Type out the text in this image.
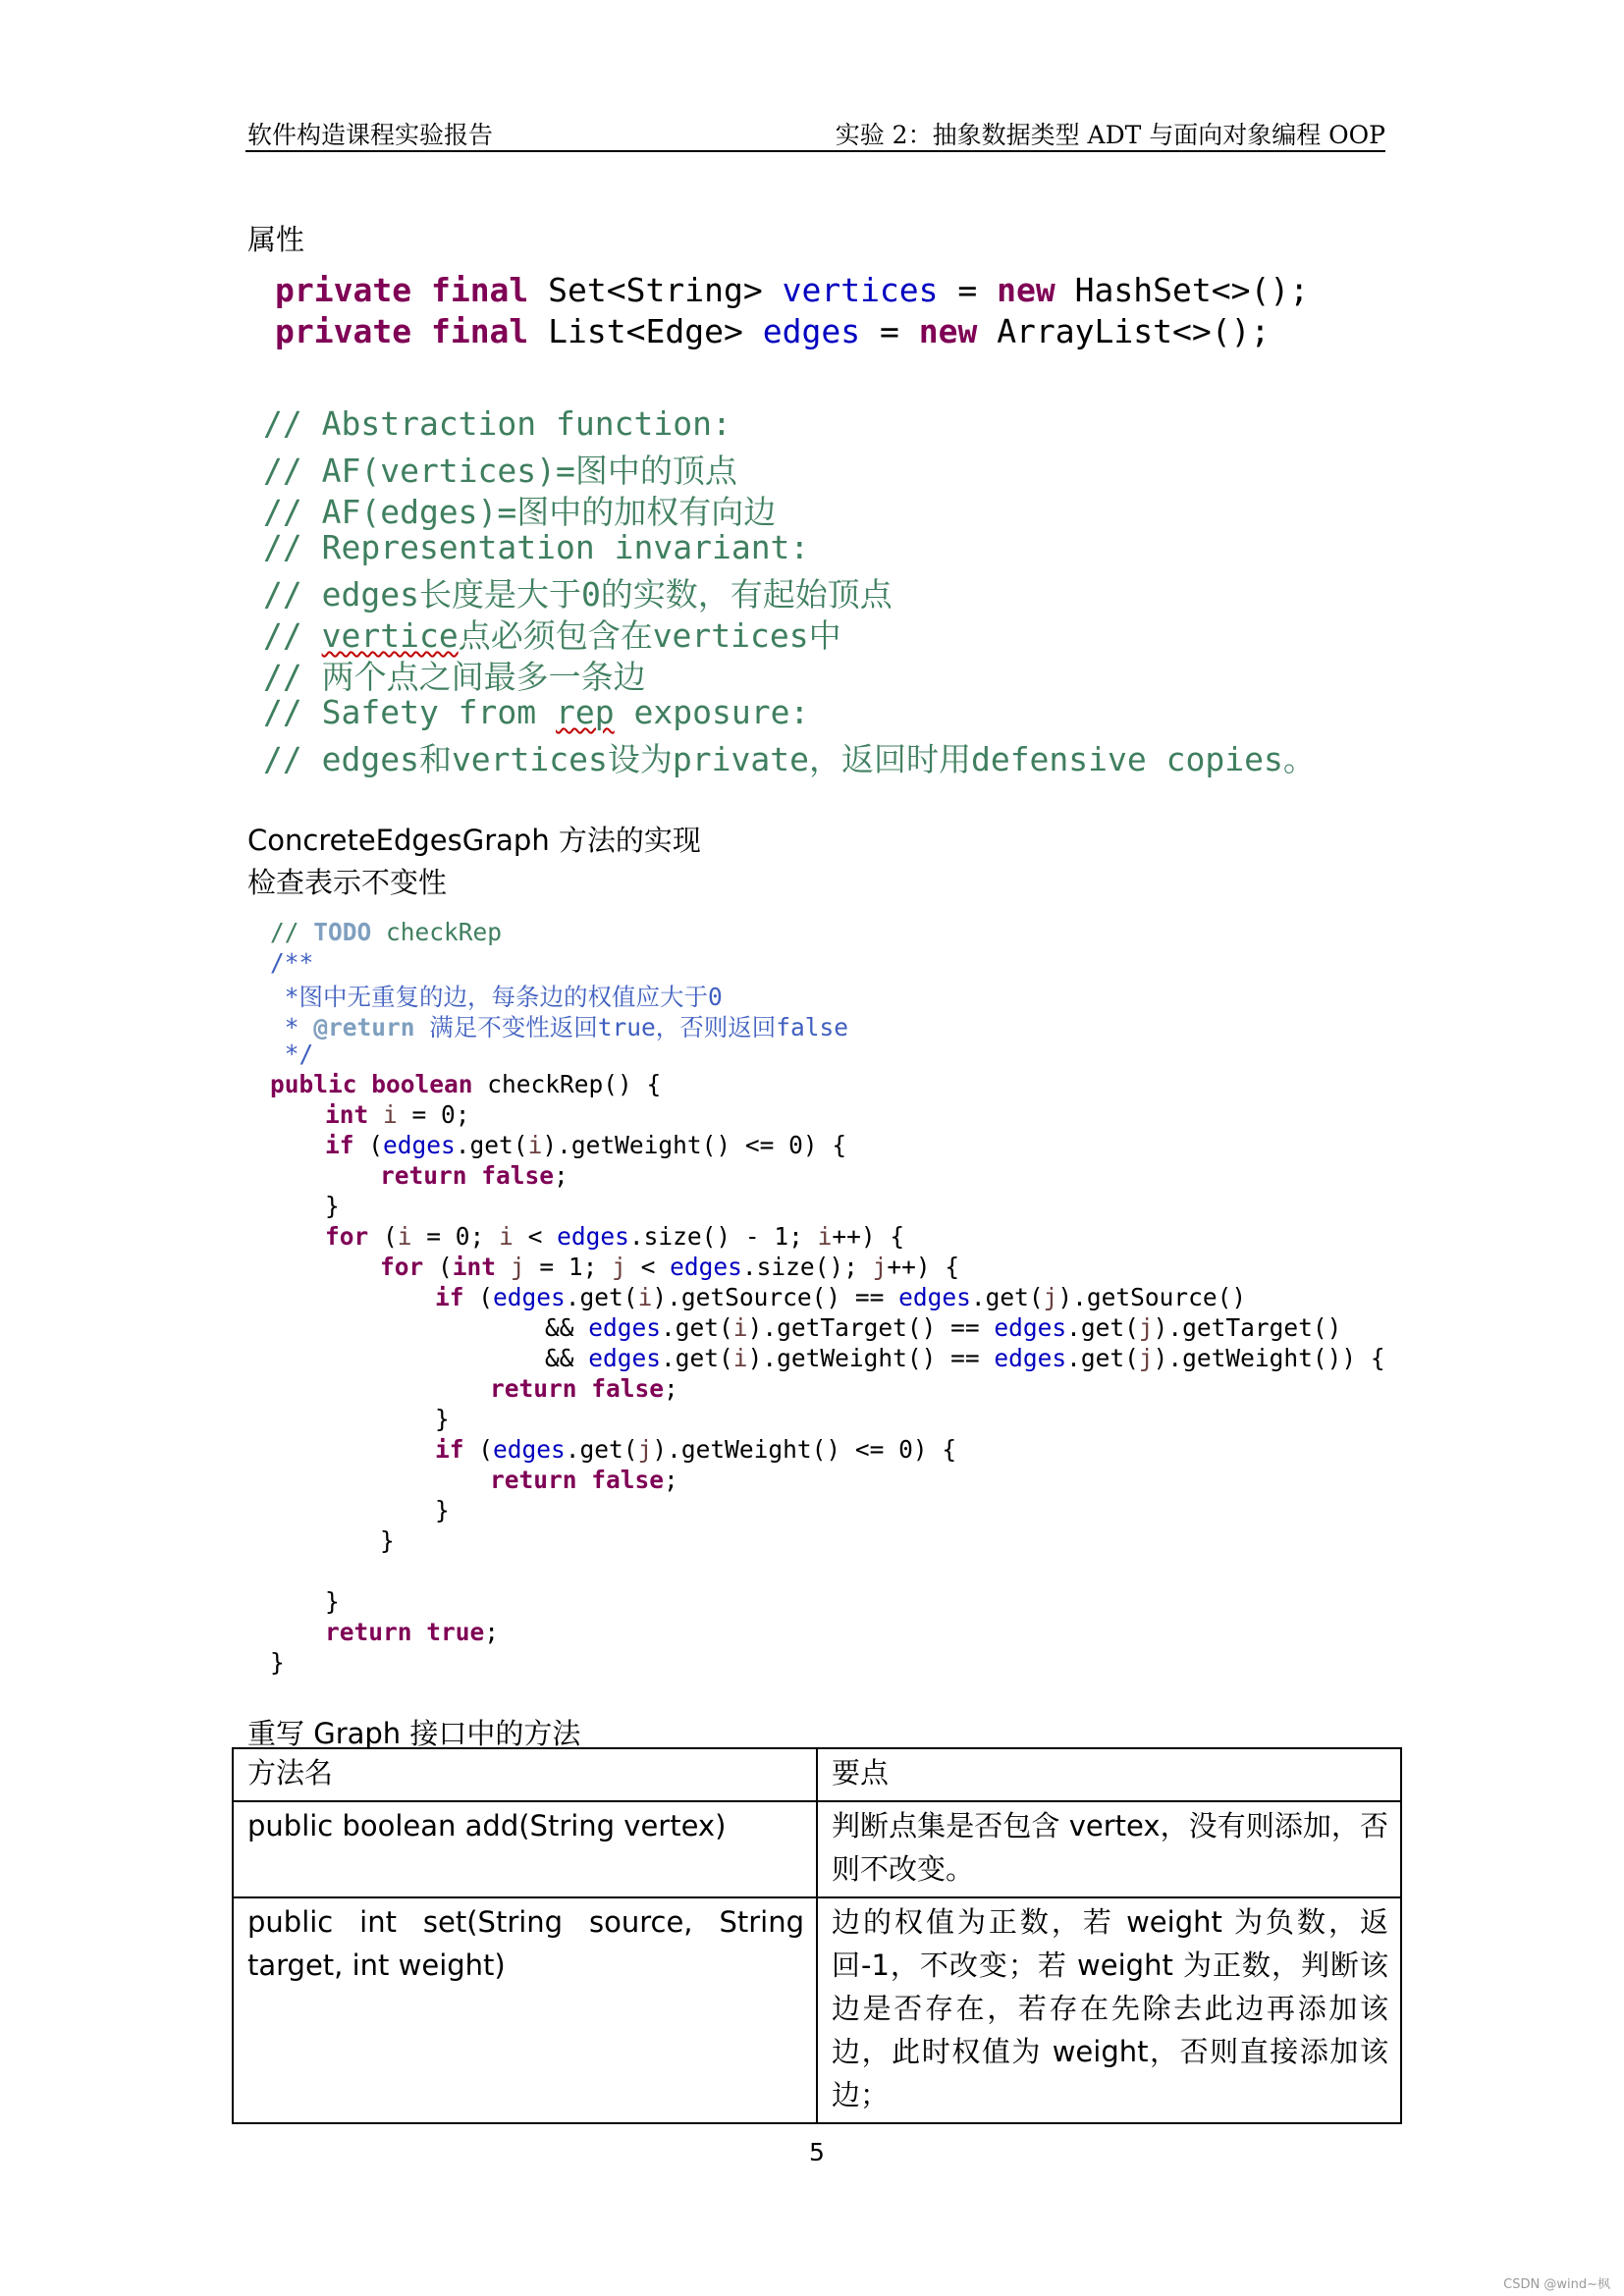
软件构造课程实验报告	实验 2：抽象数据类型 ADT 与面向对象编程 OOP
属性
private final Set<String> vertices = new HashSet<>();
private final List<Edge> edges = new ArrayList<>();
// Abstraction function:
// AF(vertices)=图中的顶点
// AF(edges)=图中的加权有向边
// Representation invariant:
// edges长度是大于0的实数，有起始顶点
// vertice点必须包含在vertices中
// 两个点之间最多一条边
// Safety from rep exposure:
// edges和vertices设为private，返回时用defensive copies。
ConcreteEdgesGraph 方法的实现
检查表示不变性
// TODO checkRep
/**
*图中无重复的边，每条边的权值应大于0
* @return 满足不变性返回true，否则返回false
*/
public boolean checkRep() {
int i = 0;
if (edges.get(i).getWeight() <= 0) {
return false;
}
for (i = 0; i < edges.size() - 1; i++) {
for (int j = 1; j < edges.size(); j++) {
if (edges.get(i).getSource() == edges.get(j).getSource()
&& edges.get(i).getTarget() == edges.get(j).getTarget()
&& edges.get(i).getWeight() == edges.get(j).getWeight()) {
return false;
}
if (edges.get(j).getWeight() <= 0) {
return false;
}
}
}
return true;
}
重写 Graph 接口中的方法
方法名	要点
public boolean add(String vertex)	判断点集是否包含 vertex，没有则添加，否则不改变。
public int set(String source, String target, int weight)	边的权值为正数，若 weight 为负数，返回-1，不改变；若 weight 为正数，判断该边是否存在，若存在先除去此边再添加该边，此时权值为 weight，否则直接添加该边；
5
CSDN @wind~枫
